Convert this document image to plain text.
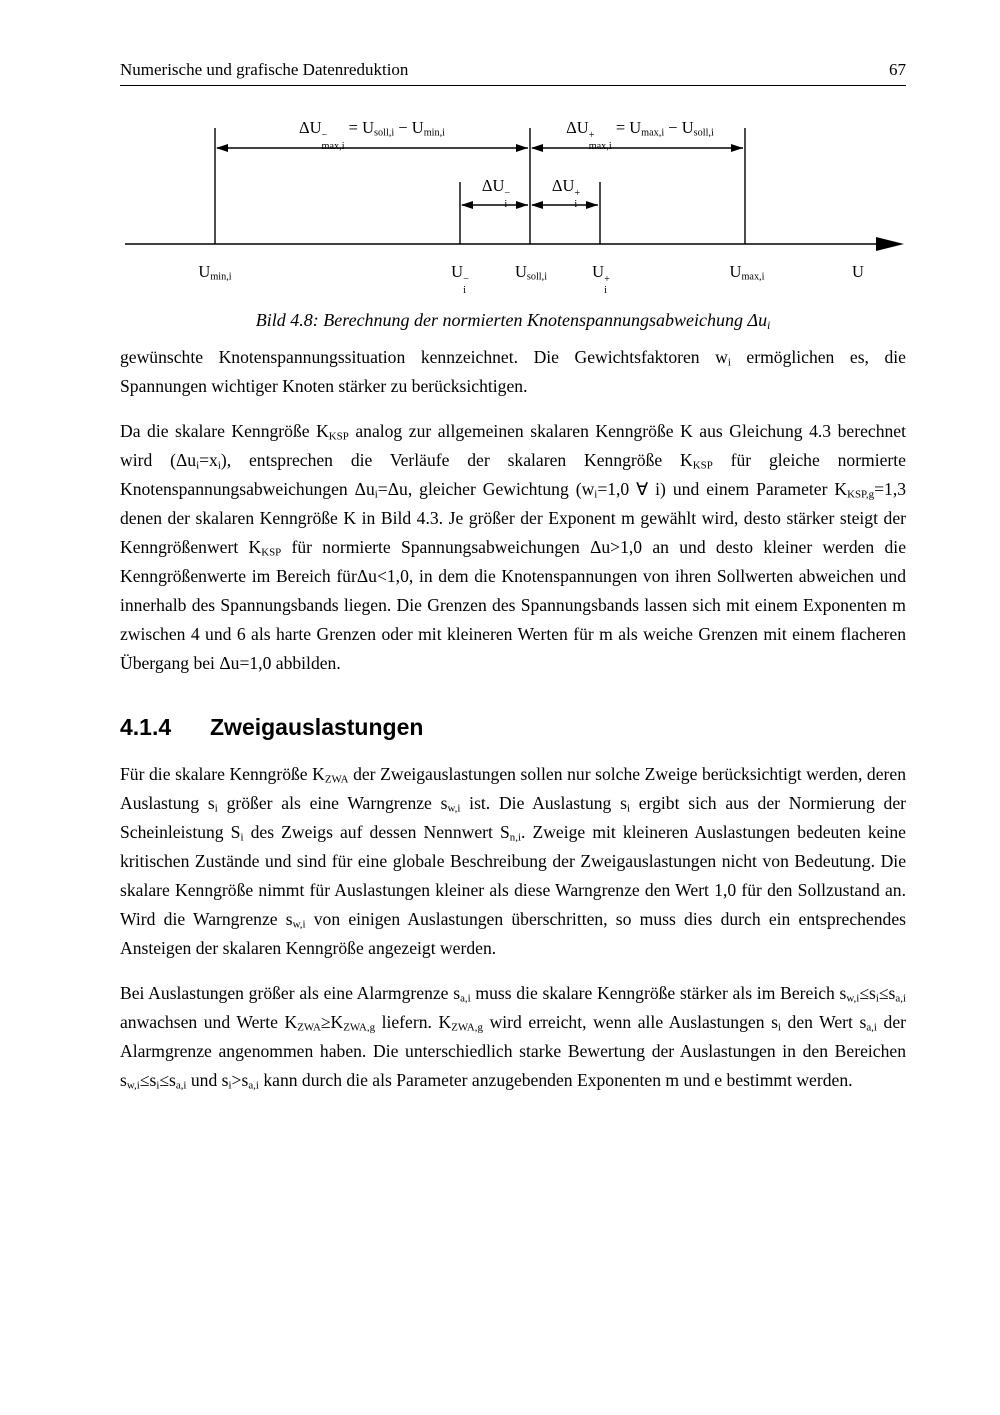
Numerische und grafische Datenreduktion	67
ΔU −
max,i
= $U_{soll,i} - U_{min,i}$	ΔU +
max,i
= $U_{max,i} - U_{soll,i}$
ΔU −
i
ΔU +
i
$U_{min,i}$	U −
i
$U_{soll,i}$	U +
i
$U_{max,i}$	U
Bild 4.8: Berechnung der normierten Knotenspannungsabweichung $\Delta u_i$

gewünschte Knotenspannungssituation kennzeichnet. Die Gewichtsfaktoren $w_i$ ermöglichen es, die Spannungen wichtiger Knoten stärker zu berücksichtigen.

Da die skalare Kenngröße $K_{KSP}$ analog zur allgemeinen skalaren Kenngröße K aus Gleichung 4.3 berechnet wird $(\Delta u_i=x_i)$, entsprechen die Verläufe der skalaren Kenngröße $K_{KSP}$ für gleiche normierte Knotenspannungsabweichungen $\Delta u_i=\Delta u$, gleicher Gewichtung ($w_i=1,0$ ∀ i) und einem Parameter $K_{KSP,g}=1,3$ denen der skalaren Kenngröße K in Bild 4.3. Je größer der Exponent m gewählt wird, desto stärker steigt der Kenngrößenwert $K_{KSP}$ für normierte Spannungsabweichungen Δu>1,0 an und desto kleiner werden die Kenngrößenwerte im Bereich fürΔu<1,0, in dem die Knotenspannungen von ihren Sollwerten abweichen und innerhalb des Spannungsbands liegen. Die Grenzen des Spannungsbands lassen sich mit einem Exponenten m zwischen 4 und 6 als harte Grenzen oder mit kleineren Werten für m als weiche Grenzen mit einem flacheren Übergang bei Δu=1,0 abbilden.

4.1.4	Zweigauslastungen

Für die skalare Kenngröße $K_{ZWA}$ der Zweigauslastungen sollen nur solche Zweige berücksichtigt werden, deren Auslastung $s_i$ größer als eine Warngrenze $s_{w,i}$ ist. Die Auslastung $s_i$ ergibt sich aus der Normierung der Scheinleistung $S_i$ des Zweigs auf dessen Nennwert $S_{n,i}$. Zweige mit kleineren Auslastungen bedeuten keine kritischen Zustände und sind für eine globale Beschreibung der Zweigauslastungen nicht von Bedeutung. Die skalare Kenngröße nimmt für Auslastungen kleiner als diese Warngrenze den Wert 1,0 für den Sollzustand an. Wird die Warngrenze $s_{w,i}$ von einigen Auslastungen überschritten, so muss dies durch ein entsprechendes Ansteigen der skalaren Kenngröße angezeigt werden.

Bei Auslastungen größer als eine Alarmgrenze $s_{a,i}$ muss die skalare Kenngröße stärker als im Bereich $s_{w,i}\le s_i\le s_{a,i}$ anwachsen und Werte $K_{ZWA}\ge K_{ZWA,g}$ liefern. $K_{ZWA,g}$ wird erreicht, wenn alle Auslastungen $s_i$ den Wert $s_{a,i}$ der Alarmgrenze angenommen haben. Die unterschiedlich starke Bewertung der Auslastungen in den Bereichen $s_{w,i}\le s_i\le s_{a,i}$ und $s_i>s_{a,i}$ kann durch die als Parameter anzugebenden Exponenten m und e bestimmt werden.
